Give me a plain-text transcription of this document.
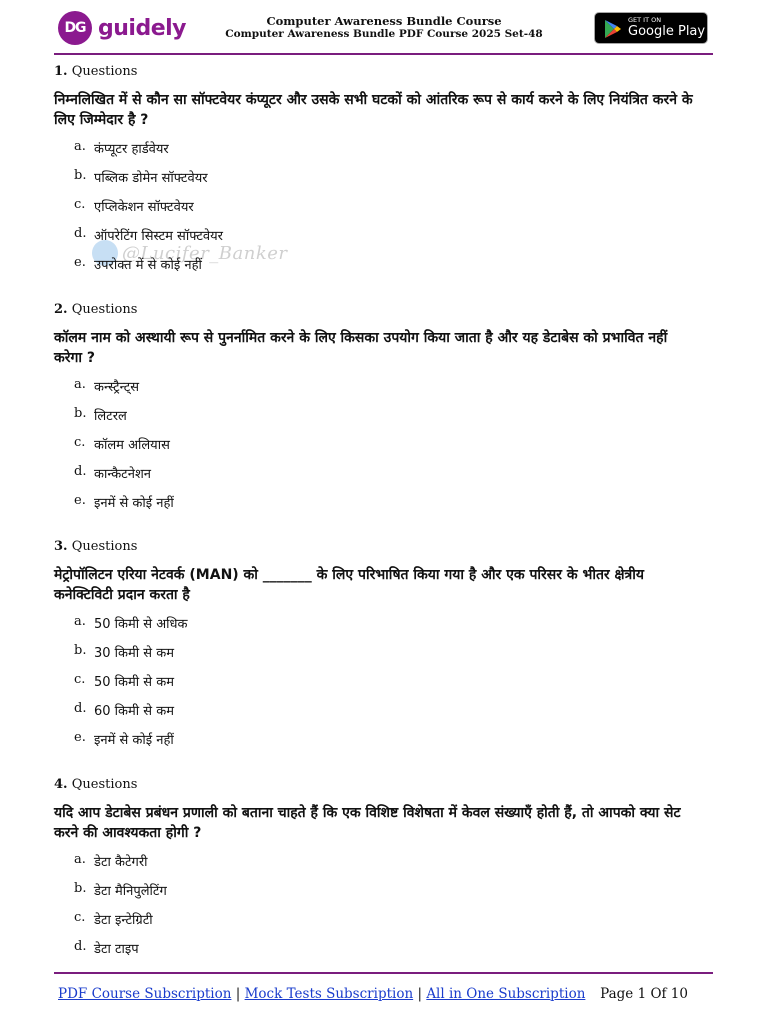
DG guidely	Computer Awareness Bundle Course
Computer Awareness Bundle PDF Course 2025 Set-48
GET IT ON
Google Play
@Lucifer_Banker
1. Questions
निम्नलिखित में से कौन सा सॉफ्टवेयर कंप्यूटर और उसके सभी घटकों को आंतरिक रूप से कार्य करने के लिए नियंत्रित करने के लिए जिम्मेदार है ?
a. कंप्यूटर हार्डवेयर
b. पब्लिक डोमेन सॉफ्टवेयर
c. एप्लिकेशन सॉफ्टवेयर
d. ऑपरेटिंग सिस्टम सॉफ्टवेयर
e. उपरोक्त में से कोई नहीं
2. Questions
कॉलम नाम को अस्थायी रूप से पुनर्नामित करने के लिए किसका उपयोग किया जाता है और यह डेटाबेस को प्रभावित नहीं करेगा ?
a. कन्स्ट्रैन्ट्स
b. लिटरल
c. कॉलम अलियास
d. कान्कैटनेशन
e. इनमें से कोई नहीं
3. Questions
मेट्रोपॉलिटन एरिया नेटवर्क (MAN) को _______ के लिए परिभाषित किया गया है और एक परिसर के भीतर क्षेत्रीय कनेक्टिविटी प्रदान करता है
a. 50 किमी से अधिक
b. 30 किमी से कम
c. 50 किमी से कम
d. 60 किमी से कम
e. इनमें से कोई नहीं
4. Questions
यदि आप डेटाबेस प्रबंधन प्रणाली को बताना चाहते हैं कि एक विशिष्ट विशेषता में केवल संख्याएँ होती हैं, तो आपको क्या सेट करने की आवश्यकता होगी ?
a. डेटा कैटेगरी
b. डेटा मैनिपुलेटिंग
c. डेटा इन्टेग्रिटी
d. डेटा टाइप
PDF Course Subscription | Mock Tests Subscription | All in One Subscription Page 1 Of 10
